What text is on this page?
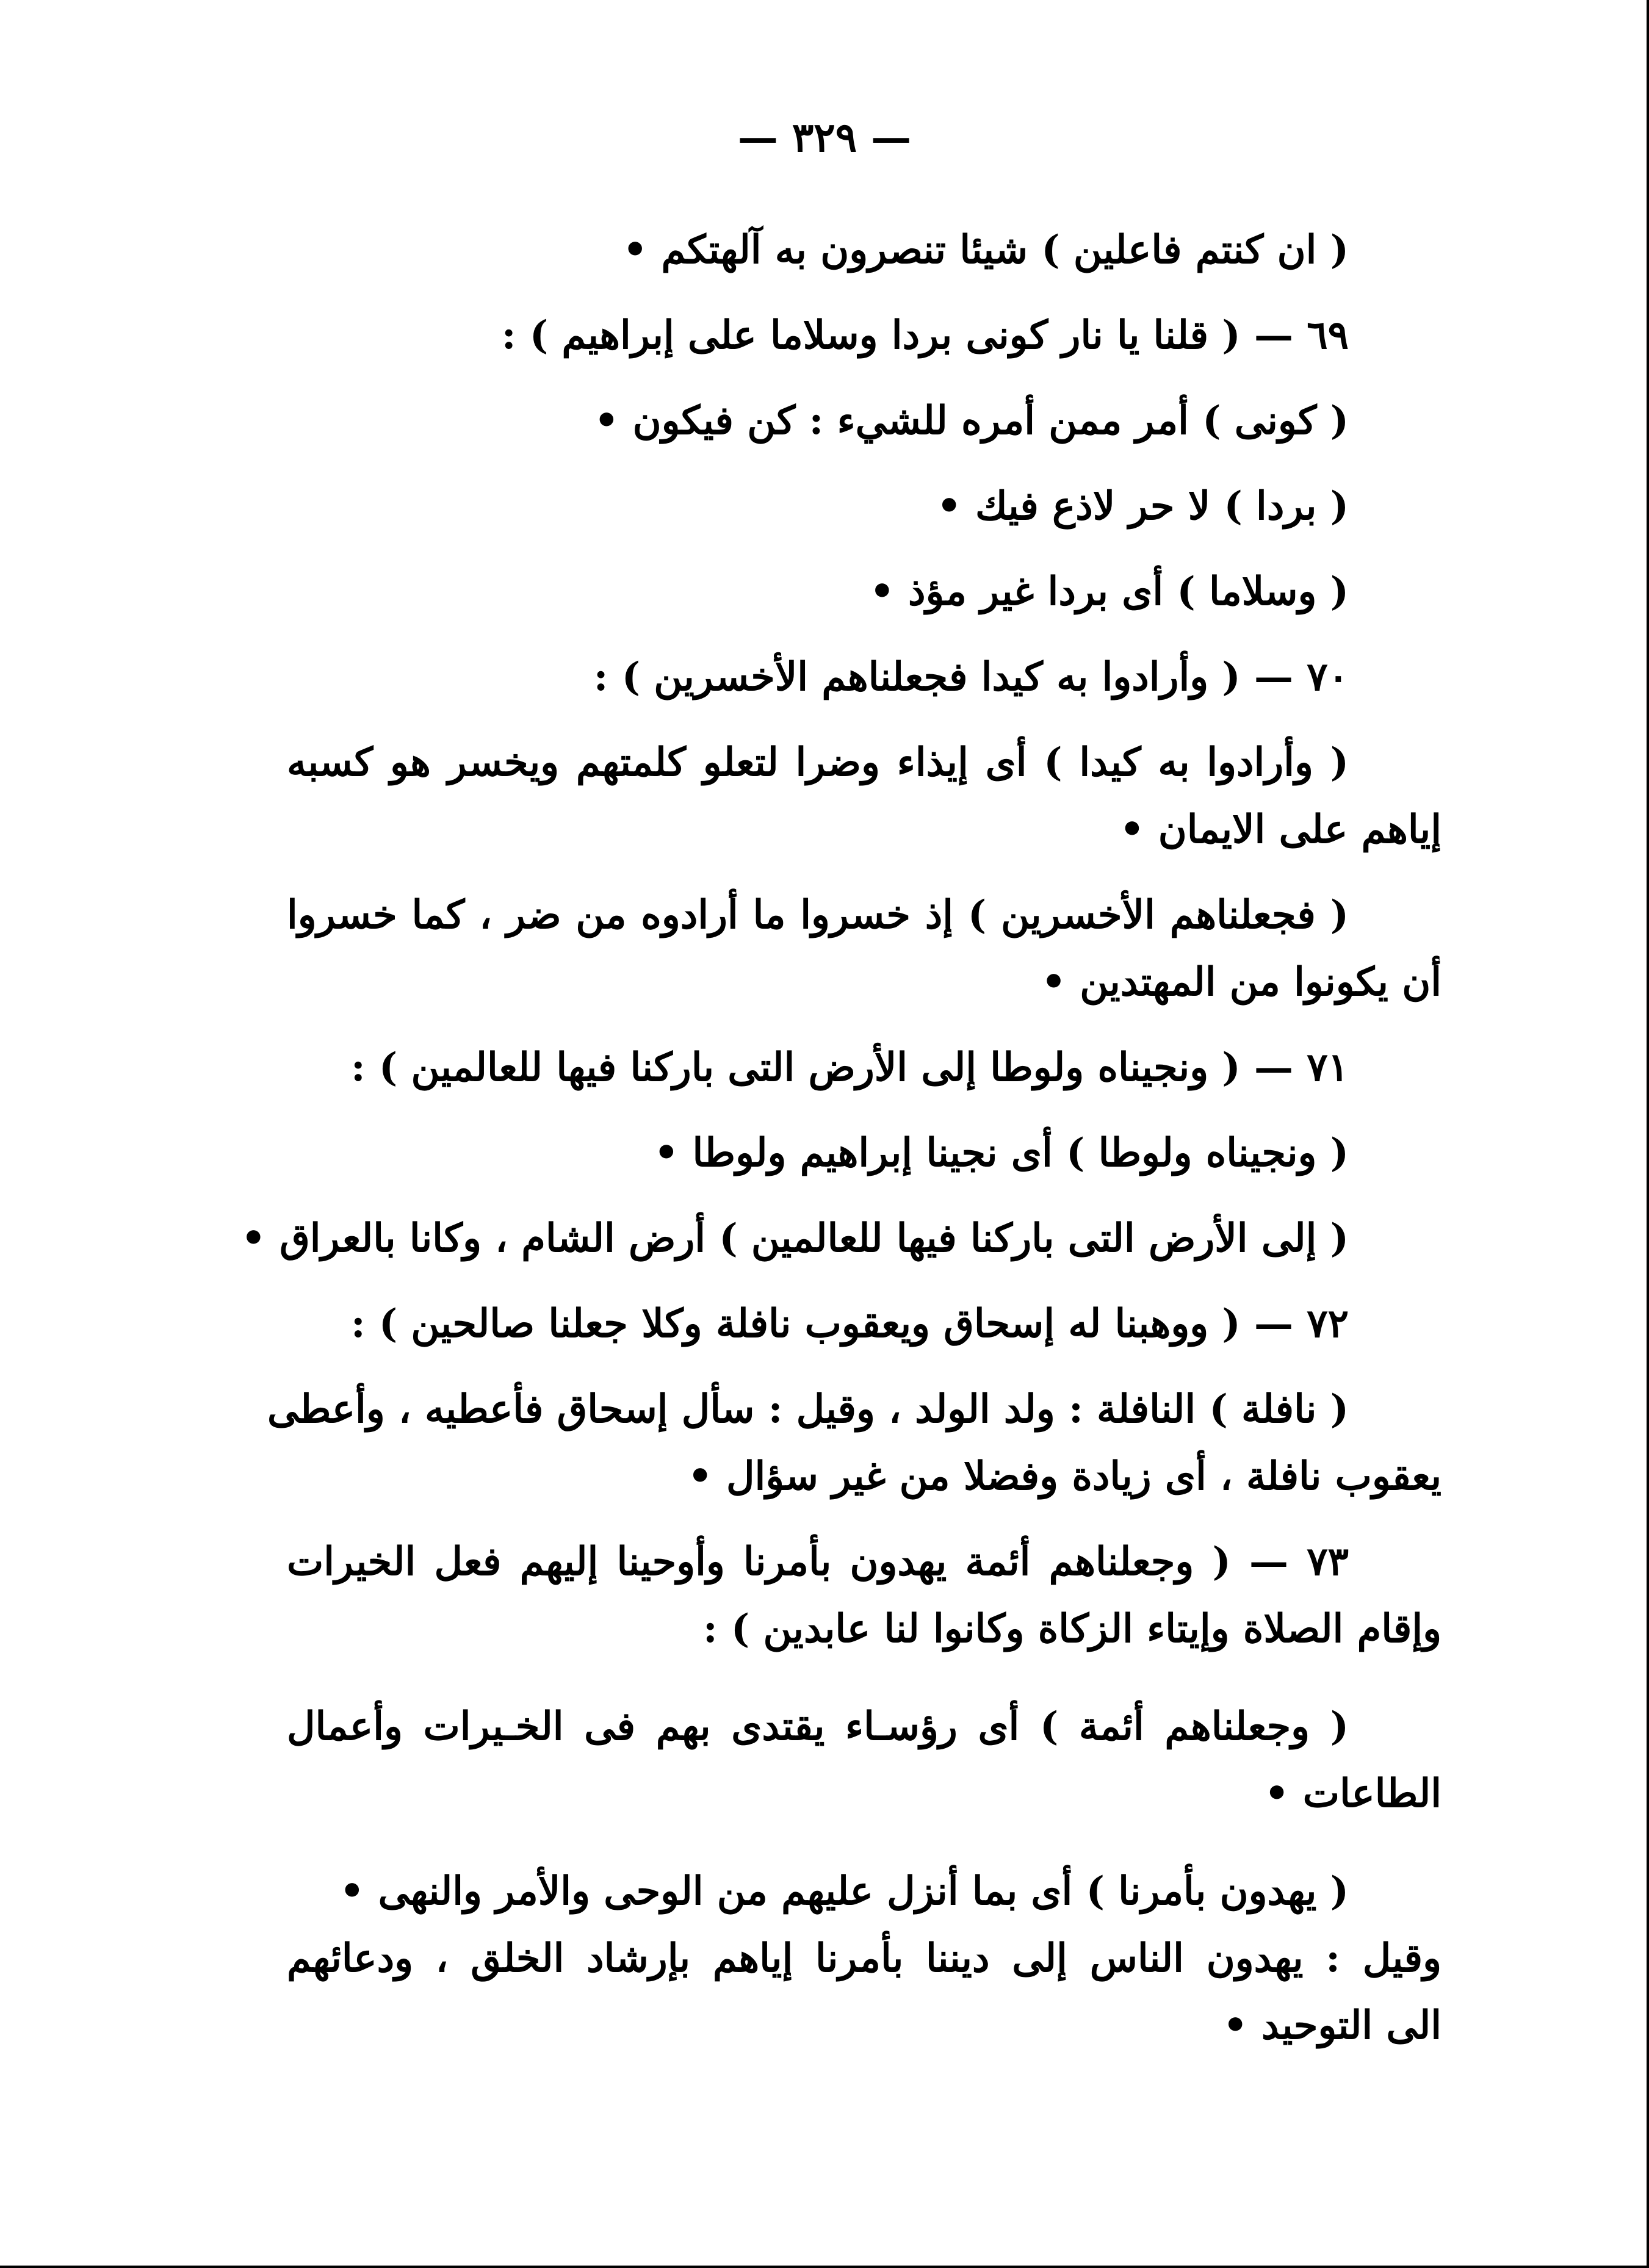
— ٣٢٩ —
( ان كنتم فاعلين ) شيئا تنصرون به آلهتكم •
٦٩ — ( قلنا يا نار كونى بردا وسلاما على إبراهيم ) :
( كونى ) أمر ممن أمره للشيء : كن فيكون •
( بردا ) لا حر لاذع فيك •
( وسلاما ) أى بردا غير مؤذ •
٧٠ — ( وأرادوا به كيدا فجعلناهم الأخسرين ) :
( وأرادوا به كيدا ) أى إيذاء وضرا لتعلو كلمتهم ويخسر هو كسبه
إياهم على الايمان •
( فجعلناهم الأخسرين ) إذ خسروا ما أرادوه من ضر ، كما خسروا
أن يكونوا من المهتدين •
٧١ — ( ونجيناه ولوطا إلى الأرض التى باركنا فيها للعالمين ) :
( ونجيناه ولوطا ) أى نجينا إبراهيم ولوطا •
( إلى الأرض التى باركنا فيها للعالمين ) أرض الشام ، وكانا بالعراق •
٧٢ — ( ووهبنا له إسحاق ويعقوب نافلة وكلا جعلنا صالحين ) :
( نافلة ) النافلة : ولد الولد ، وقيل : سأل إسحاق فأعطيه ، وأعطى
يعقوب نافلة ، أى زيادة وفضلا من غير سؤال •
٧٣ — ( وجعلناهم أئمة يهدون بأمرنا وأوحينا إليهم فعل الخيرات
وإقام الصلاة وإيتاء الزكاة وكانوا لنا عابدين ) :
( وجعلناهم أئمة ) أى رؤسـاء يقتدى بهم فى الخـيرات وأعمال
الطاعات •
( يهدون بأمرنا ) أى بما أنزل عليهم من الوحى والأمر والنهى •
وقيل : يهدون الناس إلى ديننا بأمرنا إياهم بإرشاد الخلق ، ودعائهم
الى التوحيد •
